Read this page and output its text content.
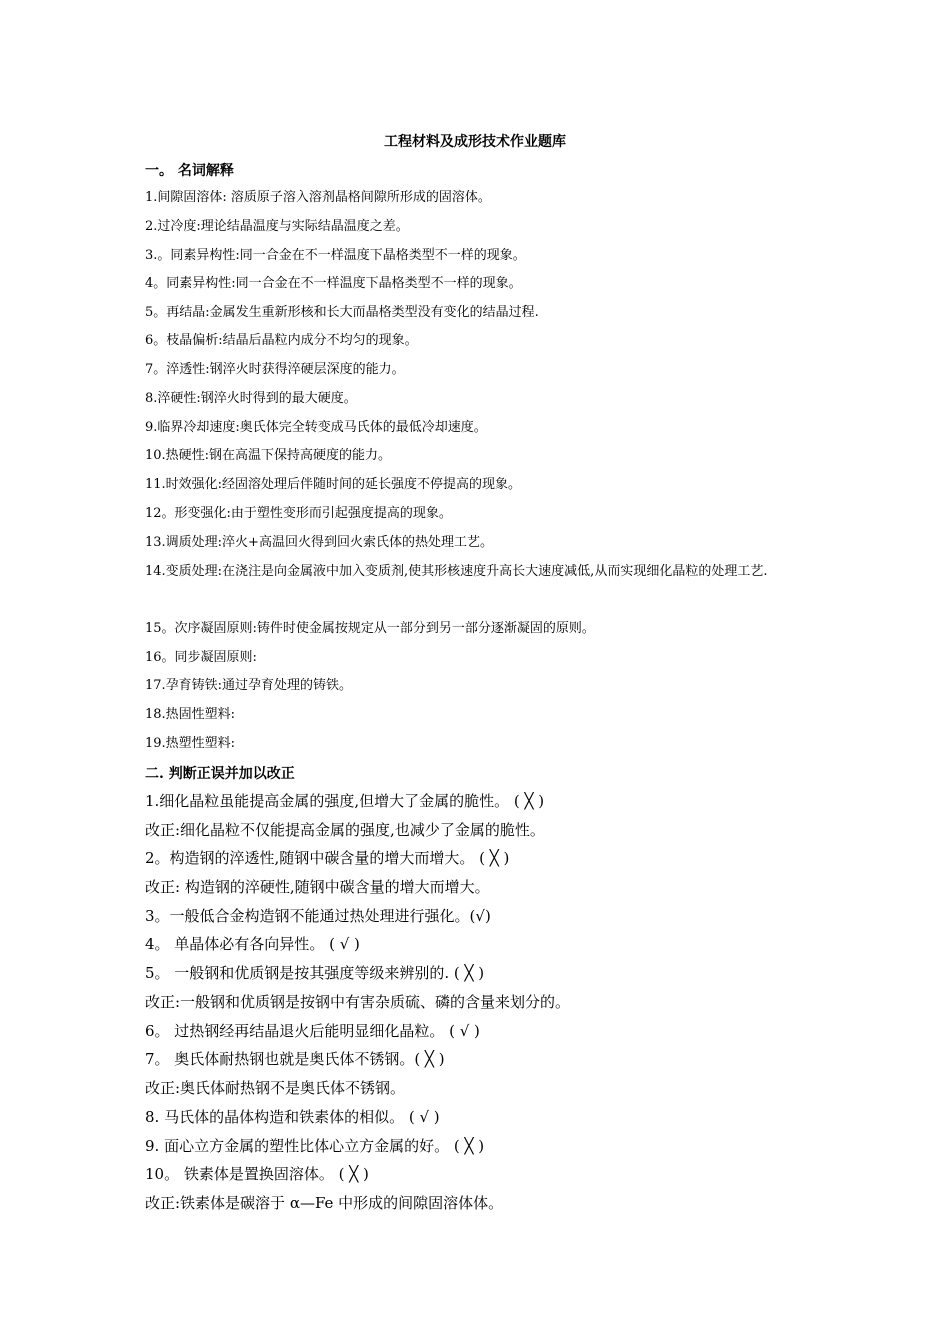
工程材料及成形技术作业题库
一。 名词解释
1.间隙固溶体: 溶质原子溶入溶剂晶格间隙所形成的固溶体。
2.过冷度:理论结晶温度与实际结晶温度之差。
3.。同素异构性:同一合金在不一样温度下晶格类型不一样的现象。
4。同素异构性:同一合金在不一样温度下晶格类型不一样的现象。
5。再结晶:金属发生重新形核和长大而晶格类型没有变化的结晶过程.
6。枝晶偏析:结晶后晶粒内成分不均匀的现象。
7。淬透性:钢淬火时获得淬硬层深度的能力。
8.淬硬性:钢淬火时得到的最大硬度。
9.临界冷却速度:奥氏体完全转变成马氏体的最低冷却速度。
10.热硬性:钢在高温下保持高硬度的能力。
11.时效强化:经固溶处理后伴随时间的延长强度不停提高的现象。
12。形变强化:由于塑性变形而引起强度提高的现象。
13.调质处理:淬火+高温回火得到回火索氏体的热处理工艺。
14.变质处理:在浇注是向金属液中加入变质剂,使其形核速度升高长大速度减低,从而实现细化晶粒的处理工艺.
15。次序凝固原则:铸件时使金属按规定从一部分到另一部分逐渐凝固的原则。
16。同步凝固原则:
17.孕育铸铁:通过孕育处理的铸铁。
18.热固性塑料:
19.热塑性塑料:
二. 判断正误并加以改正
1.细化晶粒虽能提高金属的强度,但增大了金属的脆性。 ( ╳ )
改正:细化晶粒不仅能提高金属的强度,也减少了金属的脆性。
2。构造钢的淬透性,随钢中碳含量的增大而增大。 ( ╳ )
改正: 构造钢的淬硬性,随钢中碳含量的增大而增大。
3。一般低合金构造钢不能通过热处理进行强化。(√)
4。 单晶体必有各向异性。 ( √ )
5。 一般钢和优质钢是按其强度等级来辨别的. ( ╳ )
改正:一般钢和优质钢是按钢中有害杂质硫、磷的含量来划分的。
6。 过热钢经再结晶退火后能明显细化晶粒。 ( √ )
7。 奥氏体耐热钢也就是奥氏体不锈钢。( ╳ )
改正:奥氏体耐热钢不是奥氏体不锈钢。
8. 马氏体的晶体构造和铁素体的相似。 ( √ )
9. 面心立方金属的塑性比体心立方金属的好。 ( ╳ )
10。 铁素体是置换固溶体。 ( ╳ )
改正:铁素体是碳溶于 α—Fe 中形成的间隙固溶体体。
